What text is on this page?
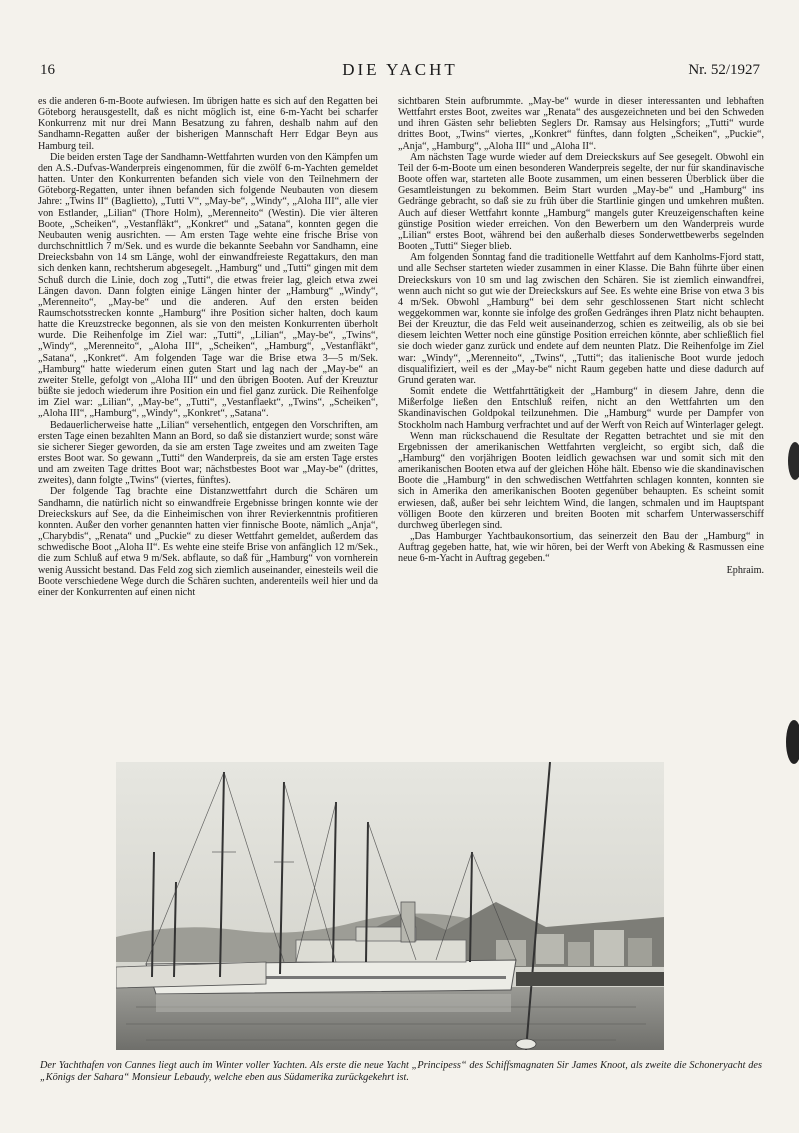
16	DIE YACHT	Nr. 52/1927

es die anderen 6-m-Boote aufwiesen. Im übrigen hatte es sich auf den Regatten bei Göteborg herausgestellt, daß es nicht möglich ist, eine 6-m-Yacht bei scharfer Konkurrenz mit nur drei Mann Besatzung zu fahren, deshalb nahm auf den Sandhamn-Regatten außer der bisherigen Mannschaft Herr Edgar Beyn aus Hamburg teil.

Die beiden ersten Tage der Sandhamn-Wettfahrten wurden von den Kämpfen um den A.S.-Dufvas-Wanderpreis eingenommen, für die zwölf 6-m-Yachten gemeldet hatten. Unter den Konkurrenten befanden sich viele von den Teilnehmern der Göteborg-Regatten, unter ihnen befanden sich folgende Neubauten von diesem Jahre: „Twins II“ (Baglietto), „Tutti V“, „May-be“, „Windy“, „Aloha III“, alle vier von Estlander, „Lilian“ (Thore Holm), „Merenneito“ (Westin). Die vier älteren Boote, „Scheiken“, „Vestanfläkt“, „Konkret“ und „Satana“, konnten gegen die Neubauten wenig ausrichten. — Am ersten Tage wehte eine frische Brise von durchschnittlich 7 m/Sek. und es wurde die bekannte Seebahn vor Sandhamn, eine Dreiecksbahn von 14 sm Länge, wohl der einwandfreieste Regattakurs, den man sich denken kann, rechtsherum abgesegelt. „Hamburg“ und „Tutti“ gingen mit dem Schuß durch die Linie, doch zog „Tutti“, die etwas freier lag, gleich etwa zwei Längen davon. Dann folgten einige Längen hinter der „Hamburg“ „Windy“, „Merenneito“, „May-be“ und die anderen. Auf den ersten beiden Raumschotsstrecken konnte „Hamburg“ ihre Position sicher halten, doch kaum hatte die Kreuzstrecke begonnen, als sie von den meisten Konkurrenten überholt wurde. Die Reihenfolge im Ziel war: „Tutti“, „Lilian“, „May-be“, „Twins“, „Windy“, „Merenneito“, „Aloha III“, „Scheiken“, „Hamburg“, „Vestanfläkt“, „Satana“, „Konkret“. Am folgenden Tage war die Brise etwa 3—5 m/Sek. „Hamburg“ hatte wiederum einen guten Start und lag nach der „May-be“ an zweiter Stelle, gefolgt von „Aloha III“ und den übrigen Booten. Auf der Kreuztur büßte sie jedoch wiederum ihre Position ein und fiel ganz zurück. Die Reihenfolge im Ziel war: „Lilian“, „May-be“, „Tutti“, „Vestanflaekt“, „Twins“, „Scheiken“, „Aloha III“, „Hamburg“, „Windy“, „Konkret“, „Satana“.

Bedauerlicherweise hatte „Lilian“ versehentlich, entgegen den Vorschriften, am ersten Tage einen bezahlten Mann an Bord, so daß sie distanziert wurde; sonst wäre sie sicherer Sieger geworden, da sie am ersten Tage zweites und am zweiten Tage erstes Boot war. So gewann „Tutti“ den Wanderpreis, da sie am ersten Tage erstes und am zweiten Tage drittes Boot war; nächstbestes Boot war „May-be“ (drittes, zweites), dann folgte „Twins“ (viertes, fünftes).

Der folgende Tag brachte eine Distanzwettfahrt durch die Schären um Sandhamn, die natürlich nicht so einwandfreie Ergebnisse bringen konnte wie der Dreieckskurs auf See, da die Einheimischen von ihrer Revierkenntnis profitieren konnten. Außer den vorher genannten hatten vier finnische Boote, nämlich „Anja“, „Charybdis“, „Renata“ und „Puckie“ zu dieser Wettfahrt gemeldet, außerdem das schwedische Boot „Aloha II“. Es wehte eine steife Brise von anfänglich 12 m/Sek., die zum Schluß auf etwa 9 m/Sek. abflaute, so daß für „Hamburg“ von vornherein wenig Aussicht bestand. Das Feld zog sich ziemlich auseinander, einesteils weil die Boote verschiedene Wege durch die Schären suchten, anderenteils weil hier und da einer der Konkurrenten auf einen nicht

sichtbaren Stein aufbrummte. „May-be“ wurde in dieser interessanten und lebhaften Wettfahrt erstes Boot, zweites war „Renata“ des ausgezeichneten und bei den Schweden und ihren Gästen sehr beliebten Seglers Dr. Ramsay aus Helsingfors; „Tutti“ wurde drittes Boot, „Twins“ viertes, „Konkret“ fünftes, dann folgten „Scheiken“, „Puckie“, „Anja“, „Hamburg“, „Aloha III“ und „Aloha II“.

Am nächsten Tage wurde wieder auf dem Dreieckskurs auf See gesegelt. Obwohl ein Teil der 6-m-Boote um einen besonderen Wanderpreis segelte, der nur für skandinavische Boote offen war, starteten alle Boote zusammen, um einen besseren Überblick über die Gesamtleistungen zu bekommen. Beim Start wurden „May-be“ und „Hamburg“ ins Gedränge gebracht, so daß sie zu früh über die Startlinie gingen und umkehren mußten. Auch auf dieser Wettfahrt konnte „Hamburg“ mangels guter Kreuzeigenschaften keine günstige Position wieder erreichen. Von den Bewerbern um den Wanderpreis wurde „Lilian“ erstes Boot, während bei den außerhalb dieses Sonderwettbewerbs segelnden Booten „Tutti“ Sieger blieb.

Am folgenden Sonntag fand die traditionelle Wettfahrt auf dem Kanholms-Fjord statt, und alle Sechser starteten wieder zusammen in einer Klasse. Die Bahn führte über einen Dreieckskurs von 10 sm und lag zwischen den Schären. Sie ist ziemlich einwandfrei, wenn auch nicht so gut wie der Dreieckskurs auf See. Es wehte eine Brise von etwa 3 bis 4 m/Sek. Obwohl „Hamburg“ bei dem sehr geschlossenen Start nicht schlecht weggekommen war, konnte sie infolge des großen Gedränges ihren Platz nicht behaupten. Bei der Kreuztur, die das Feld weit auseinanderzog, schien es zeitweilig, als ob sie bei diesem leichten Wetter noch eine günstige Position erreichen könnte, aber schließlich fiel sie doch wieder ganz zurück und endete auf dem neunten Platz. Die Reihenfolge im Ziel war: „Windy“, „Merenneito“, „Twins“, „Tutti“; das italienische Boot wurde jedoch disqualifiziert, weil es der „May-be“ nicht Raum gegeben hatte und diese dadurch auf Grund geraten war.

Somit endete die Wettfahrttätigkeit der „Hamburg“ in diesem Jahre, denn die Mißerfolge ließen den Entschluß reifen, nicht an den Wettfahrten um den Skandinavischen Goldpokal teilzunehmen. Die „Hamburg“ wurde per Dampfer von Stockholm nach Hamburg verfrachtet und auf der Werft von Reich auf Winterlager gelegt.

Wenn man rückschauend die Resultate der Regatten betrachtet und sie mit den Ergebnissen der amerikanischen Wettfahrten vergleicht, so ergibt sich, daß die „Hamburg“ den vorjährigen Booten leidlich gewachsen war und somit sich mit den amerikanischen Booten etwa auf der gleichen Höhe hält. Ebenso wie die skandinavischen Boote die „Hamburg“ in den schwedischen Wettfahrten schlagen konnten, konnten sie sich in Amerika den amerikanischen Booten gegenüber behaupten. Es scheint somit erwiesen, daß, außer bei sehr leichtem Wind, die langen, schmalen und im Hauptspant völligen Boote den kürzeren und breiten Booten mit scharfem Unterwasserschiff durchweg überlegen sind.

„Das Hamburger Yachtbaukonsortium, das seinerzeit den Bau der „Hamburg“ in Auftrag gegeben hatte, hat, wie wir hören, bei der Werft von Abeking & Rasmussen eine neue 6-m-Yacht in Auftrag gegeben.“

Ephraim.

Der Yachthafen von Cannes liegt auch im Winter voller Yachten. Als erste die neue Yacht „Principess“ des Schiffsmagnaten Sir James Knoot, als zweite die Schoneryacht des „Königs der Sahara“ Monsieur Lebaudy, welche eben aus Südamerika zurückgekehrt ist.
